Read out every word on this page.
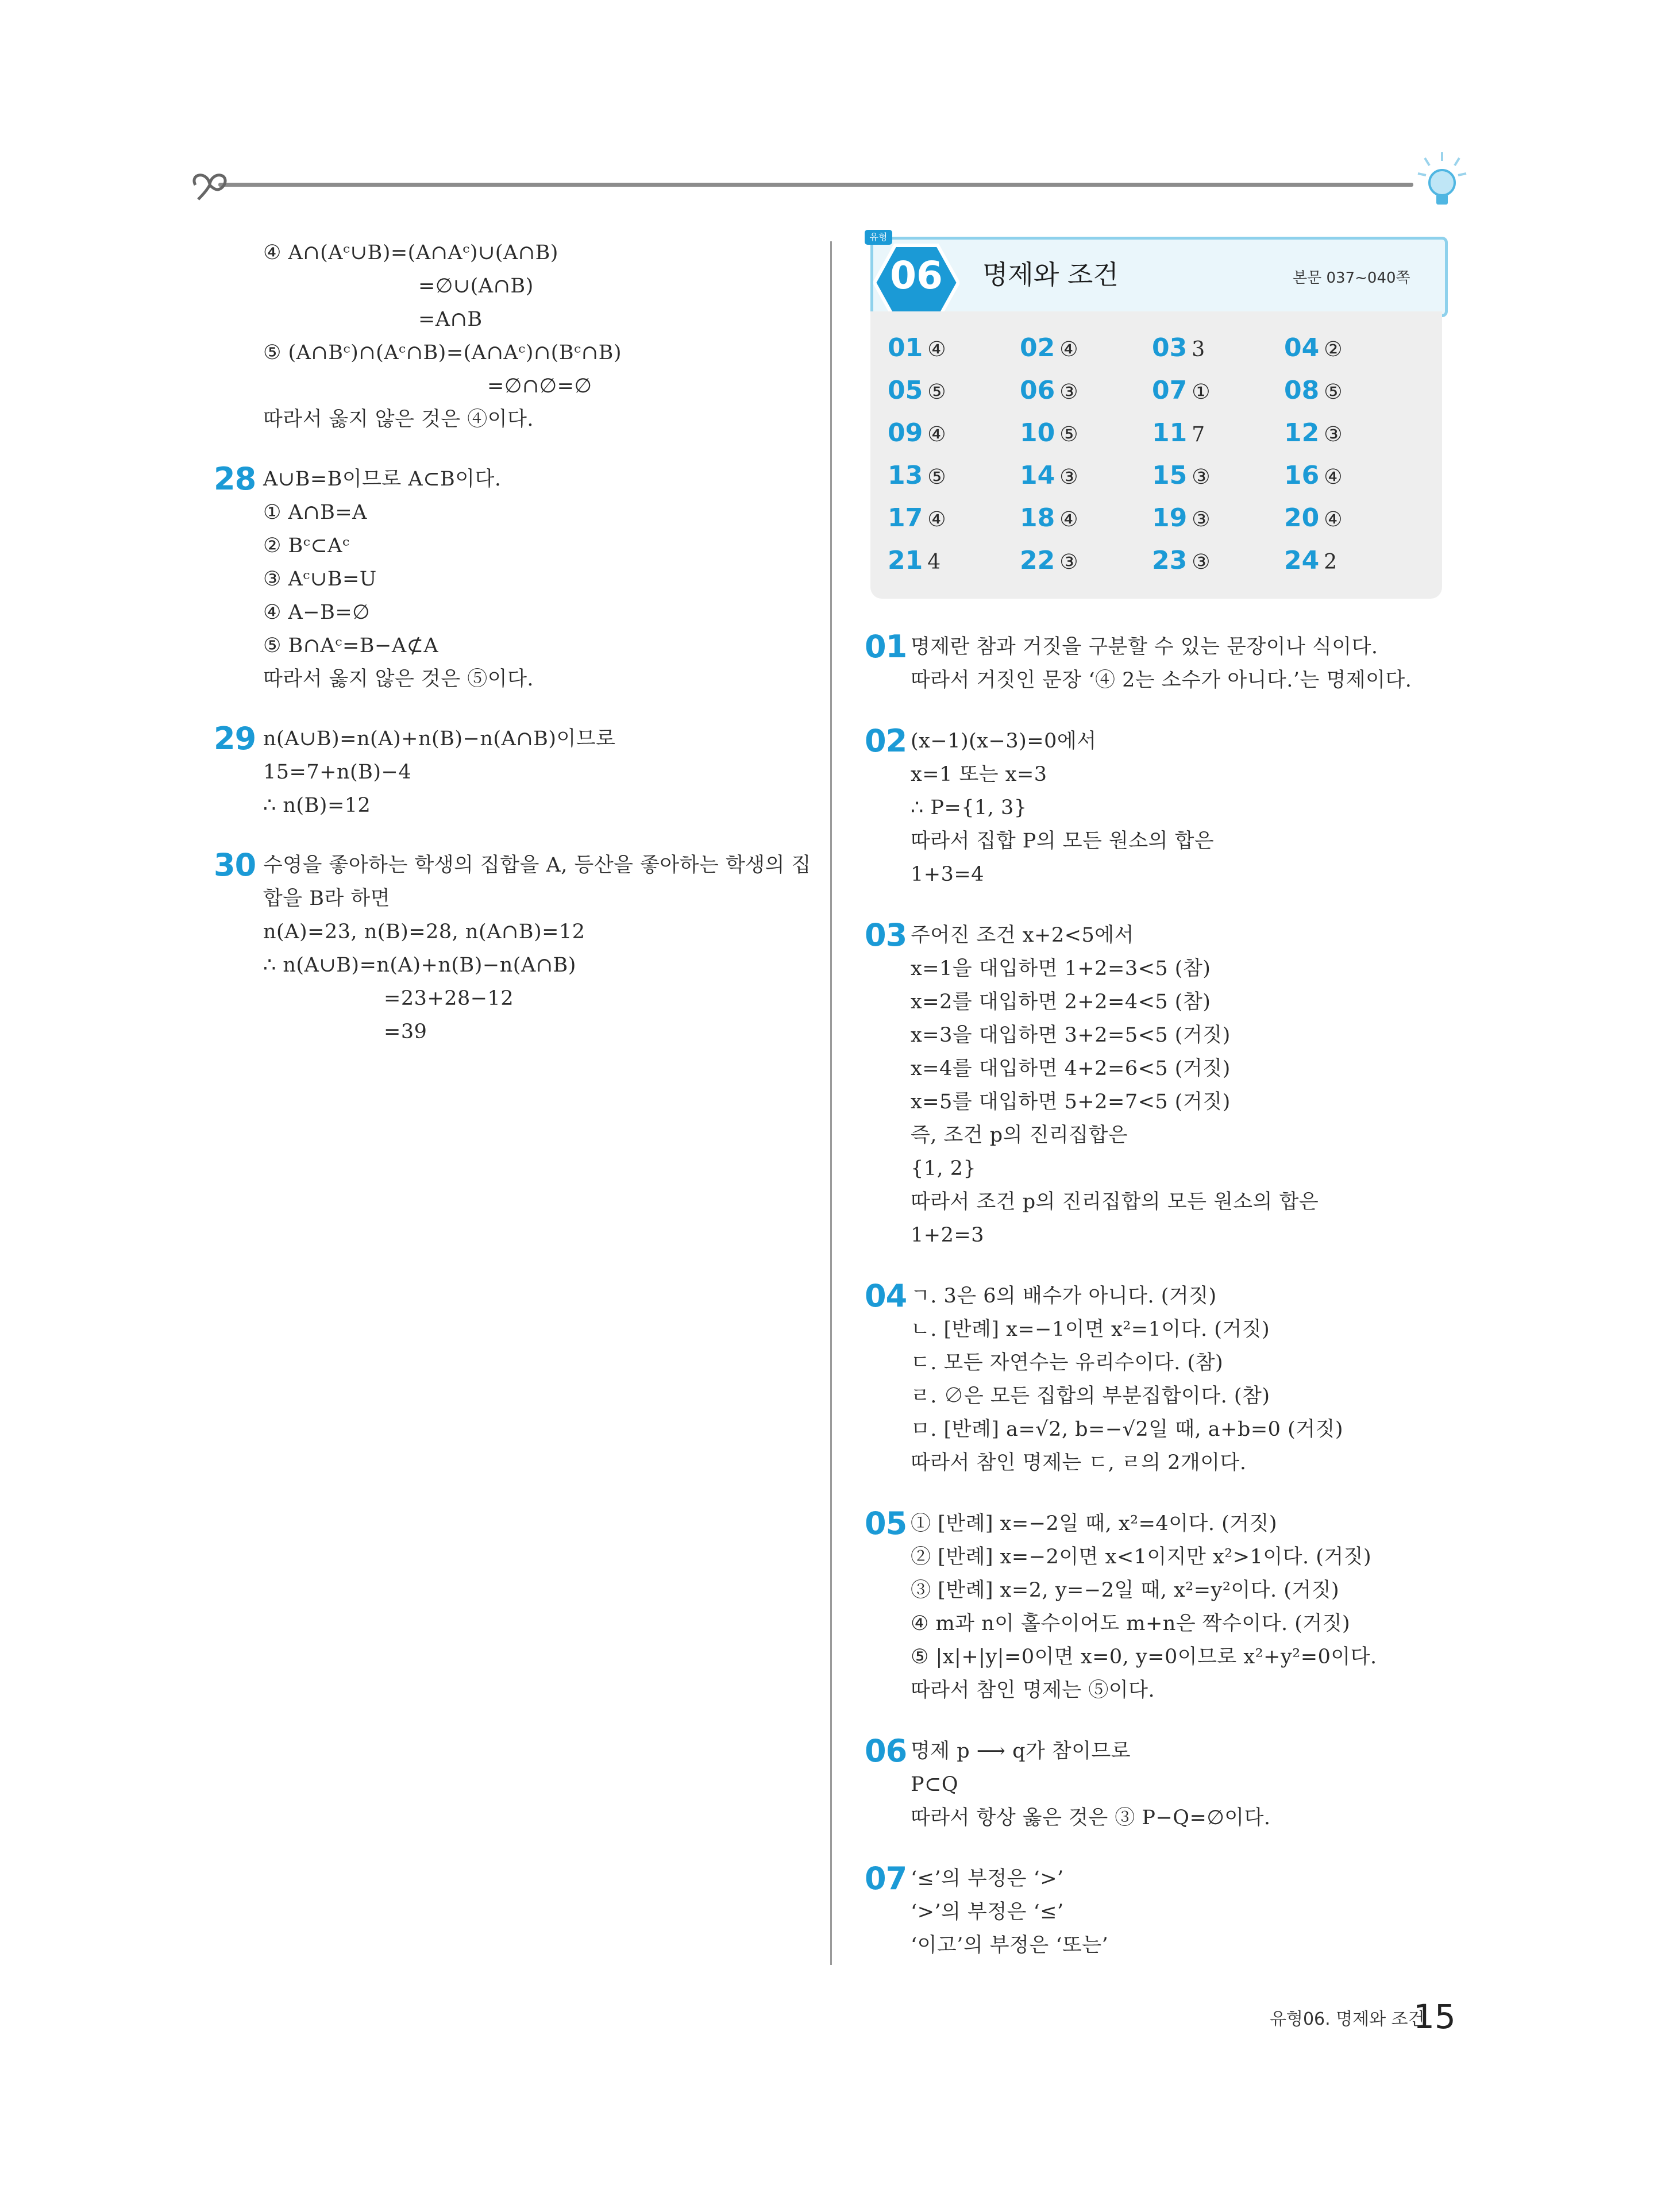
④ A∩(Aᶜ∪B)=(A∩Aᶜ)∪(A∩B)
=∅∪(A∩B)
=A∩B
⑤ (A∩Bᶜ)∩(Aᶜ∩B)=(A∩Aᶜ)∩(Bᶜ∩B)
=∅∩∅=∅
따라서 옳지 않은 것은 ④이다.
28 A∪B=B이므로 A⊂B이다.
① A∩B=A
② Bᶜ⊂Aᶜ
③ Aᶜ∪B=U
④ A−B=∅
⑤ B∩Aᶜ=B−A⊄A
따라서 옳지 않은 것은 ⑤이다.
29 n(A∪B)=n(A)+n(B)−n(A∩B)이므로
15=7+n(B)−4
∴ n(B)=12
30 수영을 좋아하는 학생의 집합을 A, 등산을 좋아하는 학생의 집
합을 B라 하면
n(A)=23, n(B)=28, n(A∩B)=12
∴ n(A∪B)=n(A)+n(B)−n(A∩B)
=23+28−12
=39
06
유형
명제와 조건	본문 037~040쪽
01 ④	02 ④	03 3	04 ②
05 ⑤	06 ③	07 ①	08 ⑤
09 ④	10 ⑤	11 7	12 ③
13 ⑤	14 ③	15 ③	16 ④
17 ④	18 ④	19 ③	20 ④
21 4	22 ③	23 ③	24 2
01 명제란 참과 거짓을 구분할 수 있는 문장이나 식이다.
따라서 거짓인 문장 ‘④ 2는 소수가 아니다.’는 명제이다.
02 (x−1)(x−3)=0에서
x=1 또는 x=3
∴ P={1, 3}
따라서 집합 P의 모든 원소의 합은
1+3=4
03 주어진 조건 x+2<5에서
x=1을 대입하면 1+2=3<5 (참)
x=2를 대입하면 2+2=4<5 (참)
x=3을 대입하면 3+2=5<5 (거짓)
x=4를 대입하면 4+2=6<5 (거짓)
x=5를 대입하면 5+2=7<5 (거짓)
즉, 조건 p의 진리집합은
{1, 2}
따라서 조건 p의 진리집합의 모든 원소의 합은
1+2=3
04 ㄱ. 3은 6의 배수가 아니다. (거짓)
ㄴ. [반례] x=−1이면 x²=1이다. (거짓)
ㄷ. 모든 자연수는 유리수이다. (참)
ㄹ. ∅은 모든 집합의 부분집합이다. (참)
ㅁ. [반례] a=√2, b=−√2일 때, a+b=0 (거짓)
따라서 참인 명제는 ㄷ, ㄹ의 2개이다.
05 ① [반례] x=−2일 때, x²=4이다. (거짓)
② [반례] x=−2이면 x<1이지만 x²>1이다. (거짓)
③ [반례] x=2, y=−2일 때, x²=y²이다. (거짓)
④ m과 n이 홀수이어도 m+n은 짝수이다. (거짓)
⑤ |x|+|y|=0이면 x=0, y=0이므로 x²+y²=0이다.
따라서 참인 명제는 ⑤이다.
06 명제 p ⟶ q가 참이므로
P⊂Q
따라서 항상 옳은 것은 ③ P−Q=∅이다.
07 ‘≤’의 부정은 ‘>’
‘>’의 부정은 ‘≤’
‘이고’의 부정은 ‘또는’
유형06. 명제와 조건
15
